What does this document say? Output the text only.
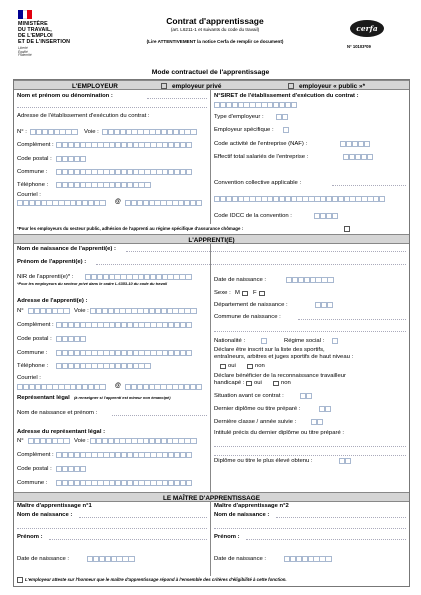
MINISTÈRE
DU TRAVAIL,
DE L'EMPLOI
ET DE L'INSERTION
Liberté
Égalité
Fraternité
Contrat d'apprentissage
(art. L6211-1 et suivants du code du travail)
(Lire ATTENTIVEMENT la notice Cerfa de remplir ce document)
cerfa
N° 10103*09
Mode contractuel de l'apprentissage
L'EMPLOYEUR	employeur privé	employeur « public »*
Nom et prénom ou dénomination :
Adresse de l'établissement d'exécution du contrat :
N° :	Voie :
Complément :
Code postal :
Commune :
Téléphone :
Courriel :
@
N°SIRET de l'établissement d'exécution du contrat :
Type d'employeur :
Employeur spécifique :
Code activité de l'entreprise (NAF) :
Effectif total salariés de l'entreprise :
Convention collective applicable :
Code IDCC de la convention :
*Pour les employeurs du secteur public, adhésion de l'apprenti au régime spécifique d'assurance chômage :
L'APPRENTI(E)
Nom de naissance de l'apprenti(e) :
Prénom de l'apprenti(e) :
NIR de l'apprenti(e)* :
*Pour les employeurs du secteur privé dans le cadre L.6353-10 du code du travail
Adresse de l'apprenti(e) :
N°	Voie :
Complément :
Code postal :
Commune :
Téléphone :
Courriel :
@
Représentant légal (à renseigner si l'apprenti est mineur non émancipé)
Nom de naissance et prénom :
Adresse du représentant légal :
N°	Voie :
Complément :
Code postal :
Commune :
Date de naissance :
Sexe : M F
Département de naissance :
Commune de naissance :
Nationalité :	Régime social :
Déclare être inscrit sur la liste des sportifs,
entraîneurs, arbitres et juges sportifs de haut niveau :
oui	non
Déclare bénéficier de la reconnaissance travailleur
handicapé : oui	non
Situation avant ce contrat :
Dernier diplôme ou titre préparé :
Dernière classe / année suivie :
Intitulé précis du dernier diplôme ou titre préparé :
Diplôme ou titre le plus élevé obtenu :
LE MAÎTRE D'APPRENTISSAGE
Maître d'apprentissage n°1
Nom de naissance :
Prénom :
Date de naissance :
Maître d'apprentissage n°2
Nom de naissance :
Prénom :
Date de naissance :
L'employeur atteste sur l'honneur que le maître d'apprentissage répond à l'ensemble des critères d'éligibilité à cette fonction.
